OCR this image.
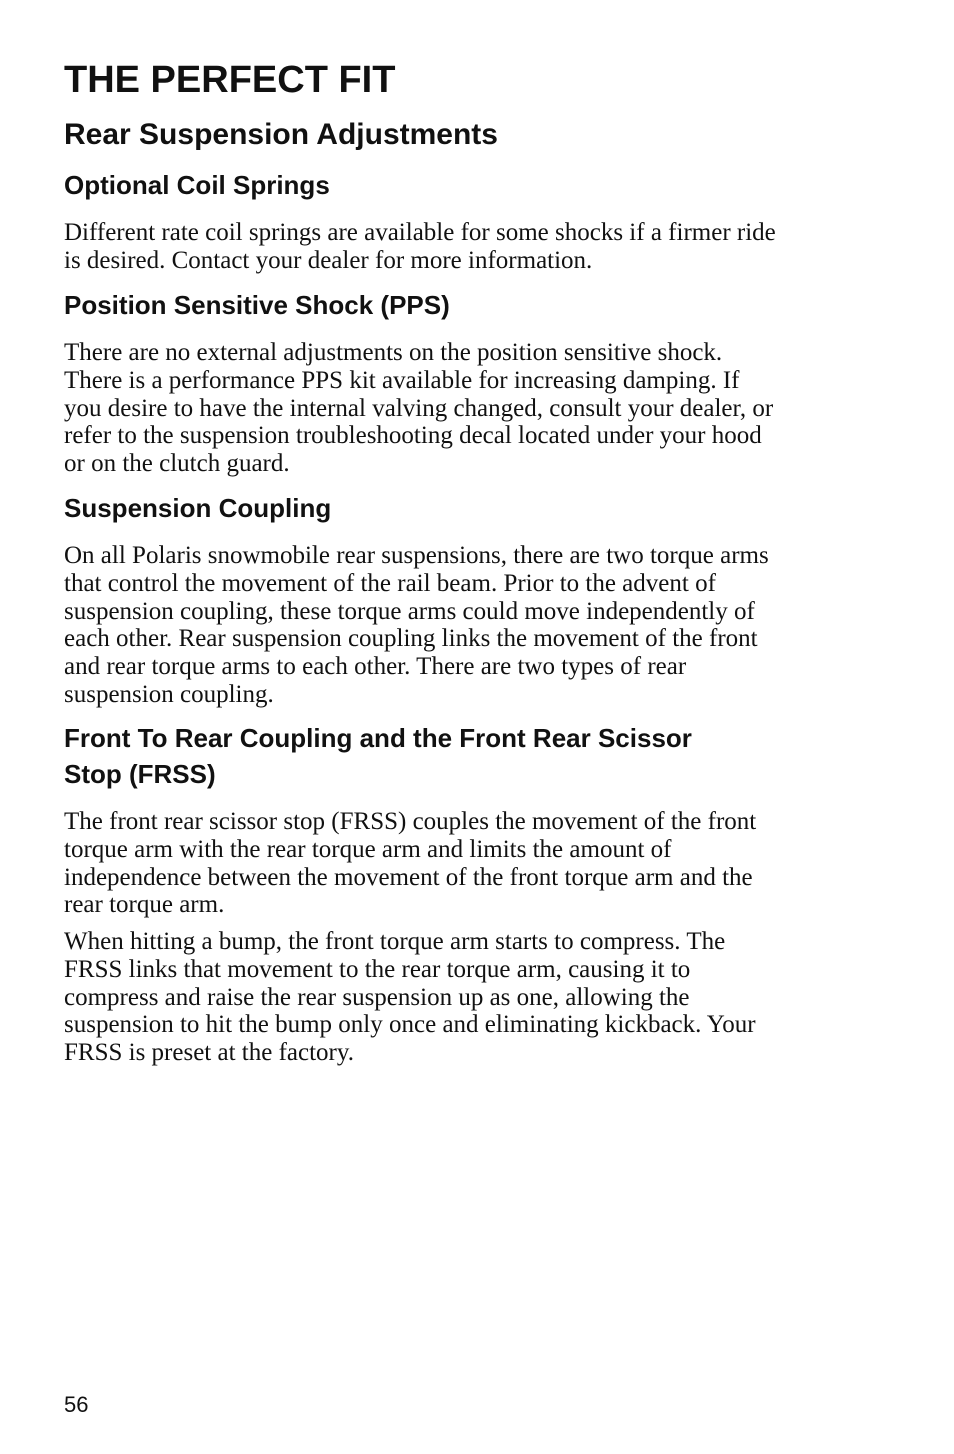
THE PERFECT FIT
Rear Suspension Adjustments
Optional Coil Springs

Different rate coil springs are available for some shocks if a firmer ride
is desired. Contact your dealer for more information.

Position Sensitive Shock (PPS)

There are no external adjustments on the position sensitive shock.
There is a performance PPS kit available for increasing damping. If
you desire to have the internal valving changed, consult your dealer, or
refer to the suspension troubleshooting decal located under your hood
or on the clutch guard.

Suspension Coupling

On all Polaris snowmobile rear suspensions, there are two torque arms
that control the movement of the rail beam. Prior to the advent of
suspension coupling, these torque arms could move independently of
each other. Rear suspension coupling links the movement of the front
and rear torque arms to each other. There are two types of rear
suspension coupling.

Front To Rear Coupling and the Front Rear Scissor
Stop (FRSS)

The front rear scissor stop (FRSS) couples the movement of the front
torque arm with the rear torque arm and limits the amount of
independence between the movement of the front torque arm and the
rear torque arm.

When hitting a bump, the front torque arm starts to compress. The
FRSS links that movement to the rear torque arm, causing it to
compress and raise the rear suspension up as one, allowing the
suspension to hit the bump only once and eliminating kickback. Your
FRSS is preset at the factory.

56
